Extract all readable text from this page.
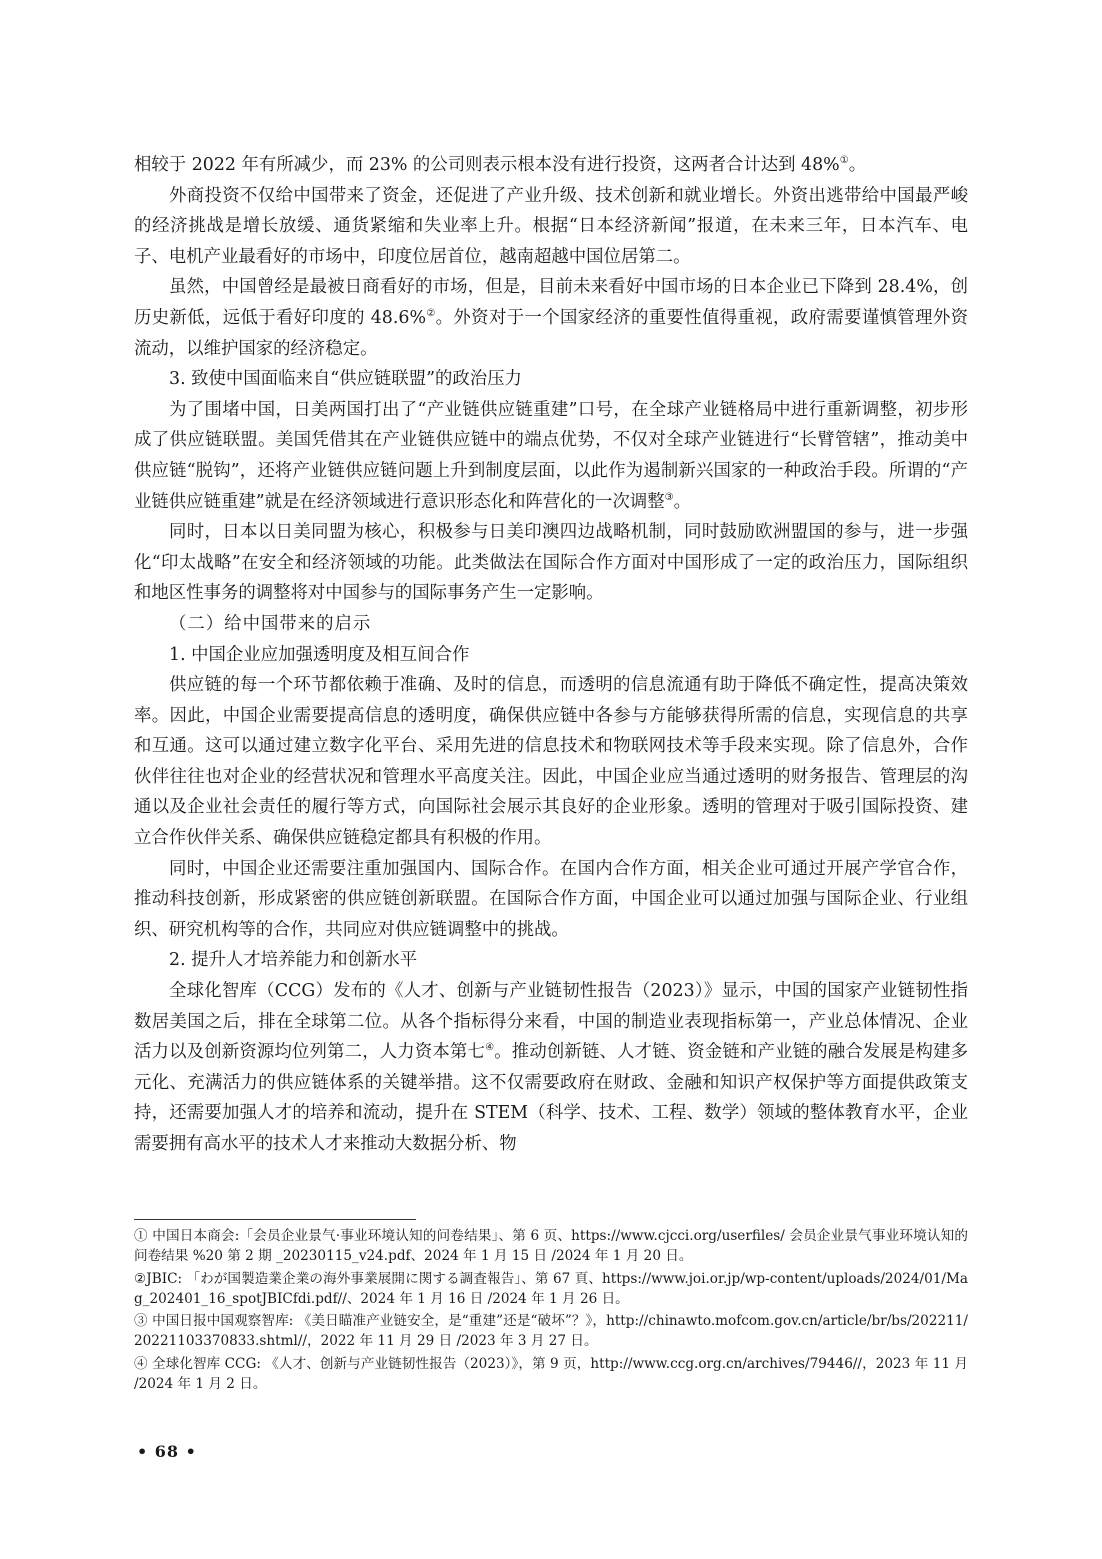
相较于 2022 年有所减少，而 23% 的公司则表示根本没有进行投资，这两者合计达到 48%①。

外商投资不仅给中国带来了资金，还促进了产业升级、技术创新和就业增长。外资出逃带给中国最严峻的经济挑战是增长放缓、通货紧缩和失业率上升。根据“日本经济新闻”报道，在未来三年，日本汽车、电子、电机产业最看好的市场中，印度位居首位，越南超越中国位居第二。

虽然，中国曾经是最被日商看好的市场，但是，目前未来看好中国市场的日本企业已下降到 28.4%，创历史新低，远低于看好印度的 48.6%②。外资对于一个国家经济的重要性值得重视，政府需要谨慎管理外资流动，以维护国家的经济稳定。

3. 致使中国面临来自“供应链联盟”的政治压力

为了围堵中国，日美两国打出了“产业链供应链重建”口号，在全球产业链格局中进行重新调整，初步形成了供应链联盟。美国凭借其在产业链供应链中的端点优势，不仅对全球产业链进行“长臂管辖”，推动美中供应链“脱钩”，还将产业链供应链问题上升到制度层面，以此作为遏制新兴国家的一种政治手段。所谓的“产业链供应链重建”就是在经济领域进行意识形态化和阵营化的一次调整③。

同时，日本以日美同盟为核心，积极参与日美印澳四边战略机制，同时鼓励欧洲盟国的参与，进一步强化“印太战略”在安全和经济领域的功能。此类做法在国际合作方面对中国形成了一定的政治压力，国际组织和地区性事务的调整将对中国参与的国际事务产生一定影响。

（二）给中国带来的启示

1. 中国企业应加强透明度及相互间合作

供应链的每一个环节都依赖于准确、及时的信息，而透明的信息流通有助于降低不确定性，提高决策效率。因此，中国企业需要提高信息的透明度，确保供应链中各参与方能够获得所需的信息，实现信息的共享和互通。这可以通过建立数字化平台、采用先进的信息技术和物联网技术等手段来实现。除了信息外，合作伙伴往往也对企业的经营状况和管理水平高度关注。因此，中国企业应当通过透明的财务报告、管理层的沟通以及企业社会责任的履行等方式，向国际社会展示其良好的企业形象。透明的管理对于吸引国际投资、建立合作伙伴关系、确保供应链稳定都具有积极的作用。

同时，中国企业还需要注重加强国内、国际合作。在国内合作方面，相关企业可通过开展产学官合作，推动科技创新，形成紧密的供应链创新联盟。在国际合作方面，中国企业可以通过加强与国际企业、行业组织、研究机构等的合作，共同应对供应链调整中的挑战。

2. 提升人才培养能力和创新水平

全球化智库（CCG）发布的《人才、创新与产业链韧性报告（2023）》显示，中国的国家产业链韧性指数居美国之后，排在全球第二位。从各个指标得分来看，中国的制造业表现指标第一，产业总体情况、企业活力以及创新资源均位列第二，人力资本第七④。推动创新链、人才链、资金链和产业链的融合发展是构建多元化、充满活力的供应链体系的关键举措。这不仅需要政府在财政、金融和知识产权保护等方面提供政策支持，还需要加强人才的培养和流动，提升在 STEM（科学、技术、工程、数学）领域的整体教育水平，企业需要拥有高水平的技术人才来推动大数据分析、物

① 中国日本商会:「会员企业景气·事业环境认知的问卷结果」、第 6 页、https://www.cjcci.org/userfiles/ 会员企业景气事业环境认知的问卷结果 %20 第 2 期 _20230115_v24.pdf、2024 年 1 月 15 日 /2024 年 1 月 20 日。

②JBIC: 「わが国製造業企業の海外事業展開に関する調査報告」、第 67 頁、https://www.joi.or.jp/wp-content/uploads/2024/01/Mag_202401_16_spotJBICfdi.pdf//、2024 年 1 月 16 日 /2024 年 1 月 26 日。

③ 中国日报中国观察智库: 《美日瞄准产业链安全，是“重建”还是“破坏”？》，http://chinawto.mofcom.gov.cn/article/br/bs/202211/20221103370833.shtml//，2022 年 11 月 29 日 /2023 年 3 月 27 日。

④ 全球化智库 CCG: 《人才、创新与产业链韧性报告（2023）》，第 9 页，http://www.ccg.org.cn/archives/79446//，2023 年 11 月 /2024 年 1 月 2 日。

• 68 •
